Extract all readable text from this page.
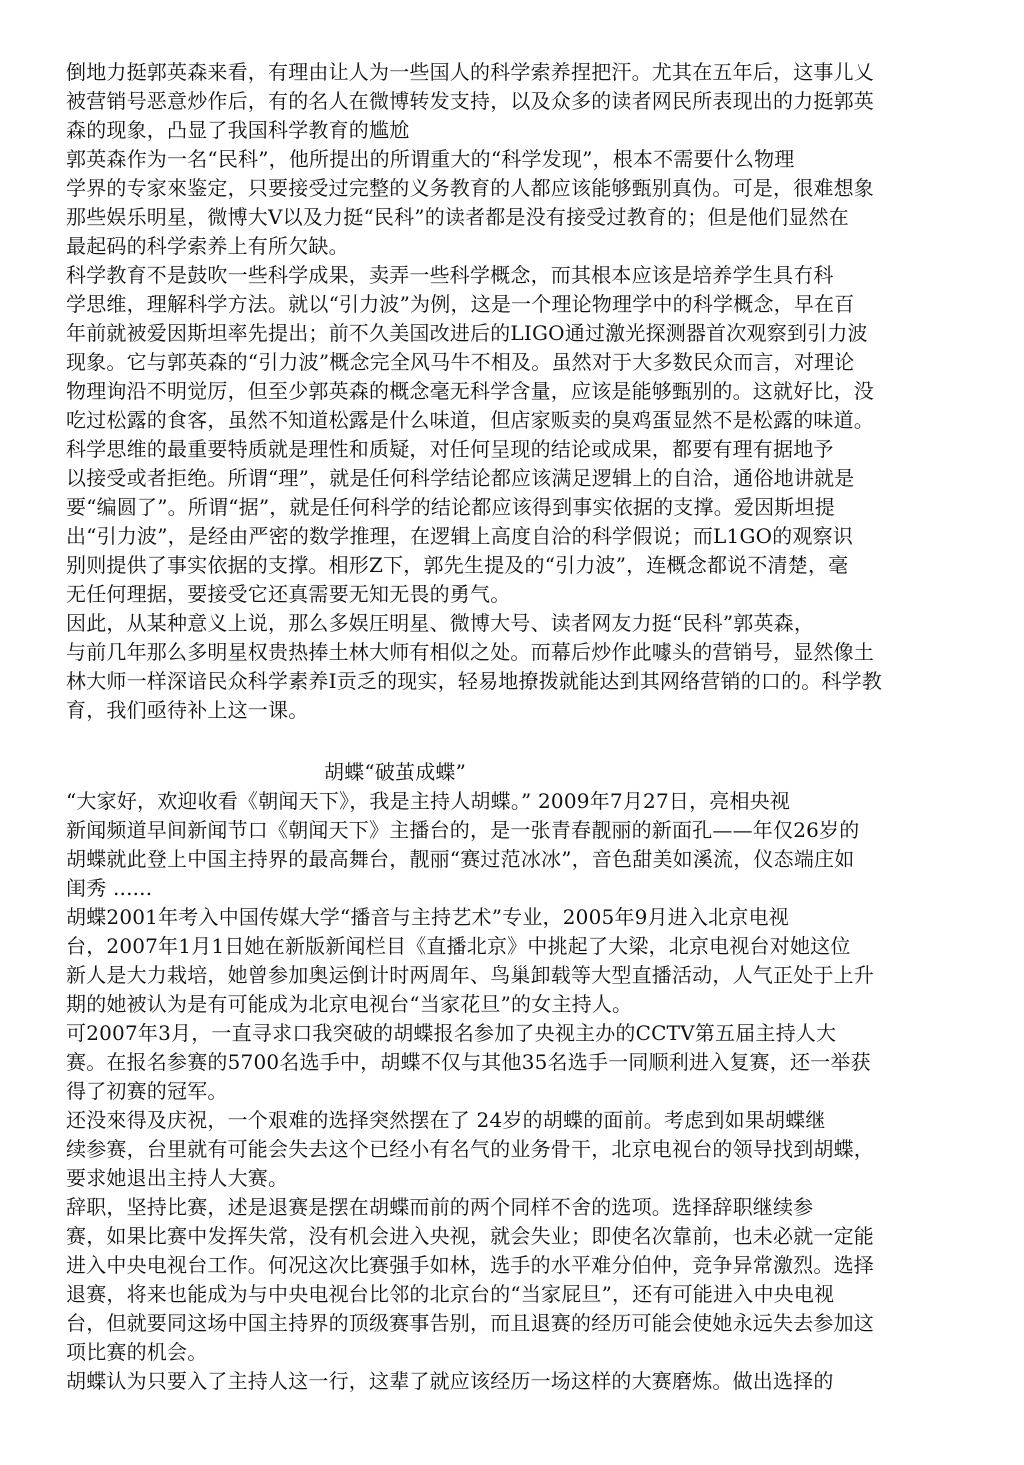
倒地力挺郭英森来看，有理由让人为一些国人的科学索养捏把汗。尤其在五年后，这事儿乂
被营销号恶意炒作后，有的名人在微博转发支持，以及众多的读者网民所表现出的力挺郭英
森的现象，凸显了我国科学教育的尴尬
郭英森作为一名“民科”，他所提出的所谓重大的“科学发现”，根本不需要什么物理
学界的专家來鉴定，只要接受过完整的义务教育的人都应该能够甄别真伪。可是，很难想象
那些娱乐明星，微博大V以及力挺“民科”的读者都是没有接受过教育的；但是他们显然在
最起码的科学索养上有所欠缺。
科学教育不是鼓吹一些科学成果，卖弄一些科学概念，而其根本应该是培养学生具冇科
学思维，理解科学方法。就以“引力波”为例，这是一个理论物理学中的科学概念，早在百
年前就被爱因斯坦率先提出；前不久美国改进后的LIGO通过激光探测器首次观察到引力波
现象。它与郭英森的“引力波”概念完全风马牛不相及。虽然对于大多数民众而言，对理论
物理询沿不明觉厉，但至少郭英森的概念毫无科学含量，应该是能够甄别的。这就好比，没
吃过松露的食客，虽然不知道松露是什么味道，但店家贩卖的臭鸡蛋显然不是松露的味道。
科学思维的最重要特质就是理性和质疑，对任何呈现的结论或成果，都要有理有据地予
以接受或者拒绝。所谓“理”，就是任何科学结论都应该满足逻辑上的自洽，通俗地讲就是
要“编圆了”。所谓“据”，就是任何科学的结论都应该得到事实依据的支撑。爱因斯坦提
出“引力波”，是经由严密的数学推理，在逻辑上高度自洽的科学假说；而L1GO的观察识
别则提供了事实依据的支撑。相形Z下，郭先生提及的“引力波”，连概念都说不清楚，毫
无任何理据，要接受它还真需要无知无畏的勇气。
因此，从某种意义上说，那么多娱圧明星、微博大号、读者网友力挺“民科”郭英森，
与前几年那么多明星权贵热捧土林大师有相似之处。而幕后炒作此噱头的营销号，显然像土
林大师一样深谙民众科学素养I贡乏的现实，轻易地撩拨就能达到其网络营销的口的。科学教
育，我们亟待补上这一课。
胡蝶“破茧成蝶”
“大家好，欢迎收看《朝闻天下》，我是主持人胡蝶。” 2009年7月27日，亮相央视
新闻频道早间新闻节口《朝闻天下》主播台的，是一张青春靓丽的新面孔——年仅26岁的
胡蝶就此登上中国主持界的最高舞台，靓丽“赛过范冰冰”，音色甜美如溪流，仪态端庄如
闺秀 ......
胡蝶2001年考入中国传媒大学“播音与主持艺术”专业，2005年9月进入北京电视
台，2007年1月1日她在新版新闻栏目《直播北京》中挑起了大梁，北京电视台对她这位
新人是大力栽培，她曾参加奥运倒计时两周年、鸟巢卸载等大型直播活动，人气正处于上升
期的她被认为是有可能成为北京电视台“当家花旦”的女主持人。
可2007年3月，一直寻求口我突破的胡蝶报名参加了央视主办的CCTV第五届主持人大
赛。在报名参赛的5700名选手中，胡蝶不仅与其他35名选手一同顺利进入复赛，还一举获
得了初赛的冠军。
还没來得及庆祝，一个艰难的选择突然摆在了 24岁的胡蝶的面前。考虑到如果胡蝶继
续参赛，台里就有可能会失去这个已经小有名气的业务骨干，北京电视台的领导找到胡蝶，
要求她退出主持人大赛。
辞职，坚持比赛，述是退赛是摆在胡蝶而前的两个同样不舍的选项。选择辞职继续参
赛，如果比赛中发挥失常，没有机会进入央视，就会失业；即使名次靠前，也未必就一定能
进入中央电视台工作。何况这次比赛强手如林，选手的水平难分伯仲，竞争异常激烈。选择
退赛，将来也能成为与中央电视台比邻的北京台的“当家屁旦”，还有可能进入中央电视
台，但就要同这场中国主持界的顶级赛事告别，而且退赛的经历可能会使她永远失去参加这
项比赛的机会。
胡蝶认为只要入了主持人这一行，这辈了就应该经历一场这样的大赛磨炼。做出选择的
